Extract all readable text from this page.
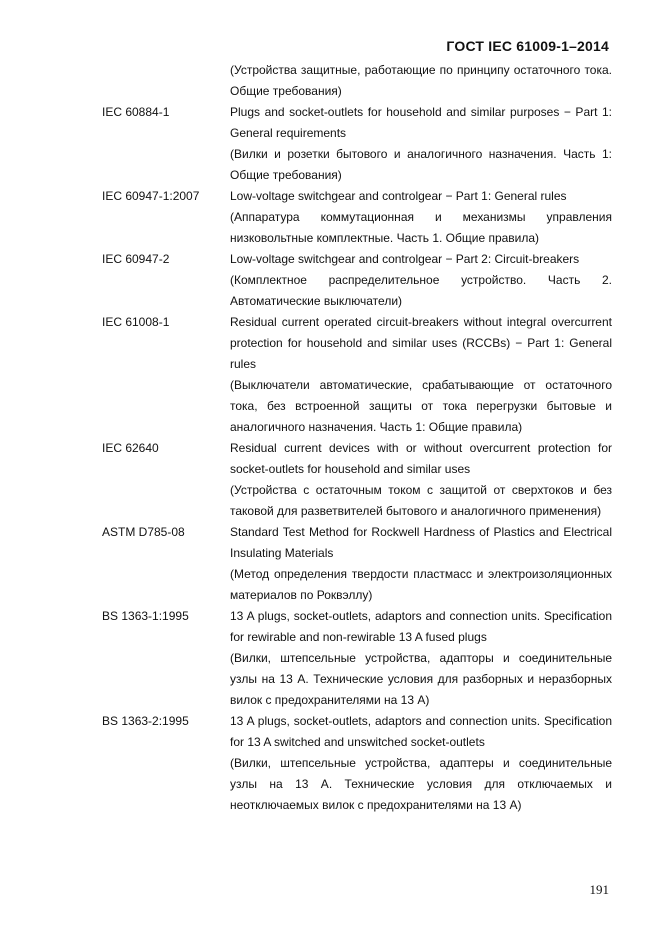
ГОСТ IEC 61009-1–2014
(Устройства защитные, работающие по принципу остаточного тока. Общие требования)
IEC 60884-1	Plugs and socket-outlets for household and similar purposes − Part 1: General requirements
(Вилки и розетки бытового и аналогичного назначения. Часть 1: Общие требования)
IEC 60947-1:2007	Low-voltage switchgear and controlgear − Part 1: General rules
(Аппаратура коммутационная и механизмы управления низковольтные комплектные. Часть 1. Общие правила)
IEC 60947-2	Low-voltage switchgear and controlgear − Part 2: Circuit-breakers
(Комплектное распределительное устройство. Часть 2. Автоматические выключатели)
IEC 61008-1	Residual current operated circuit-breakers without integral overcurrent protection for household and similar uses (RCCBs) − Part 1: General rules
(Выключатели автоматические, срабатывающие от остаточного тока, без встроенной защиты от тока перегрузки бытовые и аналогичного назначения. Часть 1: Общие правила)
IEC 62640	Residual current devices with or without overcurrent protection for socket-outlets for household and similar uses
(Устройства с остаточным током с защитой от сверхтоков и без таковой для разветвителей бытового и аналогичного применения)
ASTM D785-08	Standard Test Method for Rockwell Hardness of Plastics and Electrical Insulating Materials
(Метод определения твердости пластмасс и электроизоляционных материалов по Роквэллу)
BS 1363-1:1995	13 A plugs, socket-outlets, adaptors and connection units. Specification for rewirable and non-rewirable 13 A fused plugs
(Вилки, штепсельные устройства, адапторы и соединительные узлы на 13 А. Технические условия для разборных и неразборных вилок с предохранителями на 13 А)
BS 1363-2:1995	13 A plugs, socket-outlets, adaptors and connection units. Specification for 13 A switched and unswitched socket-outlets
(Вилки, штепсельные устройства, адаптеры и соединительные узлы на 13 А. Технические условия для отключаемых и неотключаемых вилок с предохранителями на 13 А)
191
